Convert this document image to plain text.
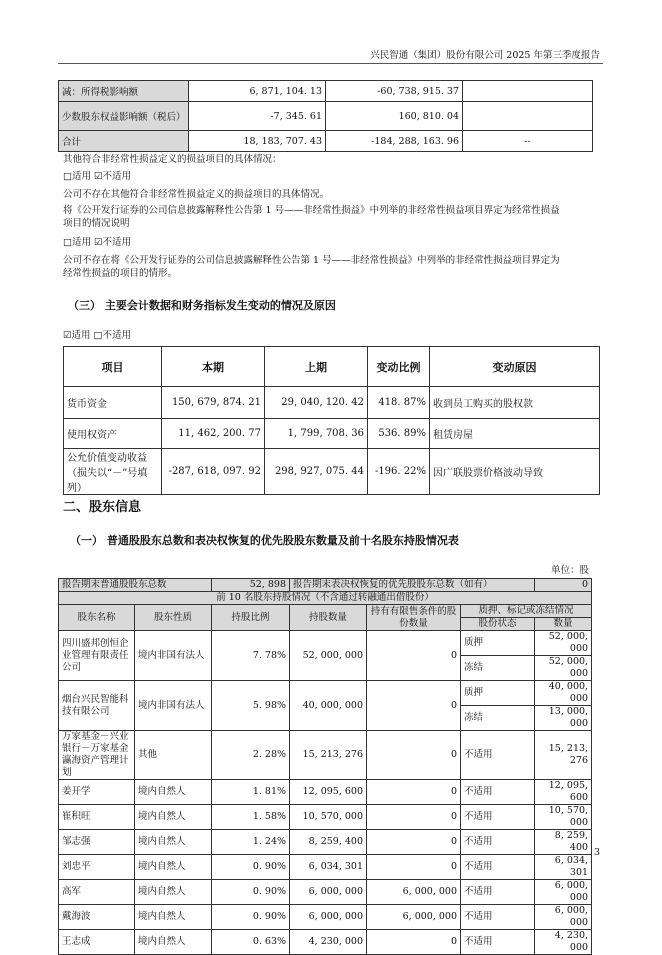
兴民智通（集团）股份有限公司 2025 年第三季度报告
减：所得税影响额	6, 871, 104. 13	-60, 738, 915. 37	
少数股东权益影响额（税后）	-7, 345. 61	160, 810. 04	
合计	18, 183, 707. 43	-184, 288, 163. 96	--
其他符合非经常性损益定义的损益项目的具体情况：
□适用 ☑不适用
公司不存在其他符合非经常性损益定义的损益项目的具体情况。
将《公开发行证券的公司信息披露解释性公告第 1 号——非经常性损益》中列举的非经常性损益项目界定为经常性损益
项目的情况说明
□适用 ☑不适用
公司不存在将《公开发行证券的公司信息披露解释性公告第 1 号——非经常性损益》中列举的非经常性损益项目界定为
经常性损益的项目的情形。
（三） 主要会计数据和财务指标发生变动的情况及原因
☑适用 □不适用
项目	本期	上期	变动比例	变动原因
货币资金	150, 679, 874. 21	29, 040, 120. 42	418. 87%	收到员工购买的股权款
使用权资产	11, 462, 200. 77	1, 799, 708. 36	536. 89%	租赁房屋
公允价值变动收益（损失以“－”号填列）	-287, 618, 097. 92	298, 927, 075. 44	-196. 22%	因广联股票价格波动导致
二、股东信息
（一） 普通股股东总数和表决权恢复的优先股股东数量及前十名股东持股情况表
单位：股
报告期末普通股股东总数		52, 898	报告期末表决权恢复的优先股股东总数（如有）			0
前 10 名股东持股情况（不含通过转融通出借股份）						
股东名称	股东性质	持股比例	持股数量	持有有限售条件的股份数量	质押、标记或冻结情况	
					股份状态	数量
四川盛邦创恒企业管理有限责任公司	境内非国有法人	7. 78%	52, 000, 000	0	质押	52, 000, 000
					冻结	52, 000, 000
烟台兴民智能科技有限公司	境内非国有法人	5. 98%	40, 000, 000	0	质押	40, 000, 000
					冻结	13, 000, 000
万家基金－兴业银行－万家基金瀛海资产管理计划	其他	2. 28%	15, 213, 276	0	不适用	15, 213, 276
姜开学	境内自然人	1. 81%	12, 095, 600	0	不适用	12, 095, 600
崔积旺	境内自然人	1. 58%	10, 570, 000	0	不适用	10, 570, 000
邹志强	境内自然人	1. 24%	8, 259, 400	0	不适用	8, 259, 400
刘忠平	境内自然人	0. 90%	6, 034, 301	0	不适用	6, 034, 301
高军	境内自然人	0. 90%	6, 000, 000	6, 000, 000	不适用	6, 000, 000
戴海波	境内自然人	0. 90%	6, 000, 000	6, 000, 000	不适用	6, 000, 000
王志成	境内自然人	0. 63%	4, 230, 000	0	不适用	4, 230, 000
3
